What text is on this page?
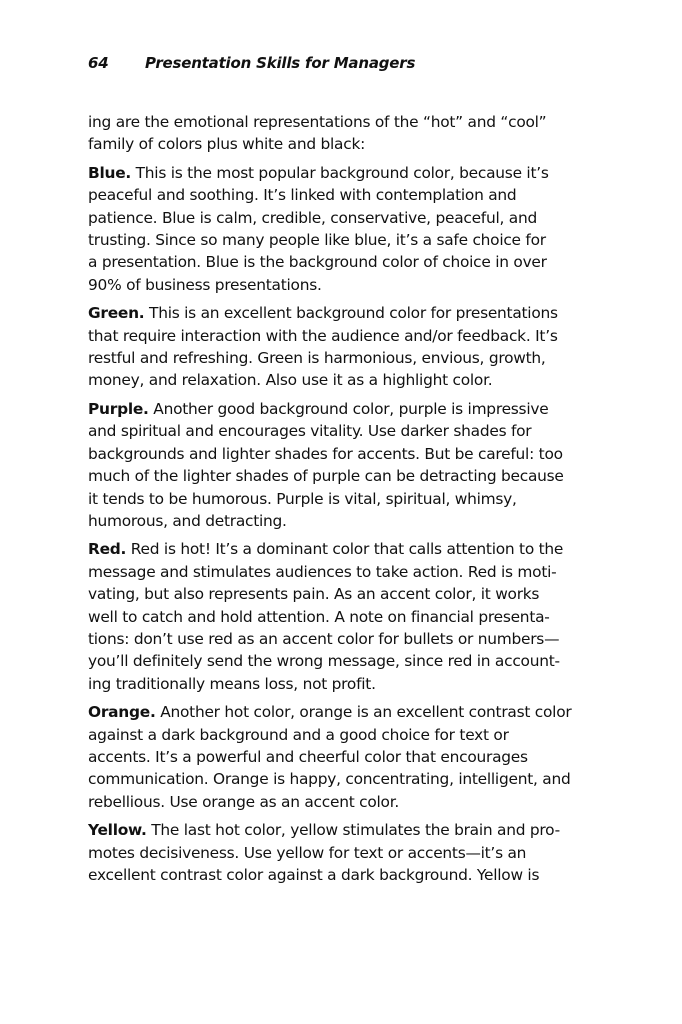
64 Presentation Skills for Managers

ing are the emotional representations of the “hot” and “cool”
family of colors plus white and black:

Blue. This is the most popular background color, because it’s
peaceful and soothing. It’s linked with contemplation and
patience. Blue is calm, credible, conservative, peaceful, and
trusting. Since so many people like blue, it’s a safe choice for
a presentation. Blue is the background color of choice in over
90% of business presentations.

Green. This is an excellent background color for presentations
that require interaction with the audience and/or feedback. It’s
restful and refreshing. Green is harmonious, envious, growth,
money, and relaxation. Also use it as a highlight color.

Purple. Another good background color, purple is impressive
and spiritual and encourages vitality. Use darker shades for
backgrounds and lighter shades for accents. But be careful: too
much of the lighter shades of purple can be detracting because
it tends to be humorous. Purple is vital, spiritual, whimsy,
humorous, and detracting.

Red. Red is hot! It’s a dominant color that calls attention to the
message and stimulates audiences to take action. Red is moti-
vating, but also represents pain. As an accent color, it works
well to catch and hold attention. A note on financial presenta-
tions: don’t use red as an accent color for bullets or numbers—
you’ll definitely send the wrong message, since red in account-
ing traditionally means loss, not profit.

Orange. Another hot color, orange is an excellent contrast color
against a dark background and a good choice for text or
accents. It’s a powerful and cheerful color that encourages
communication. Orange is happy, concentrating, intelligent, and
rebellious. Use orange as an accent color.

Yellow. The last hot color, yellow stimulates the brain and pro-
motes decisiveness. Use yellow for text or accents—it’s an
excellent contrast color against a dark background. Yellow is
